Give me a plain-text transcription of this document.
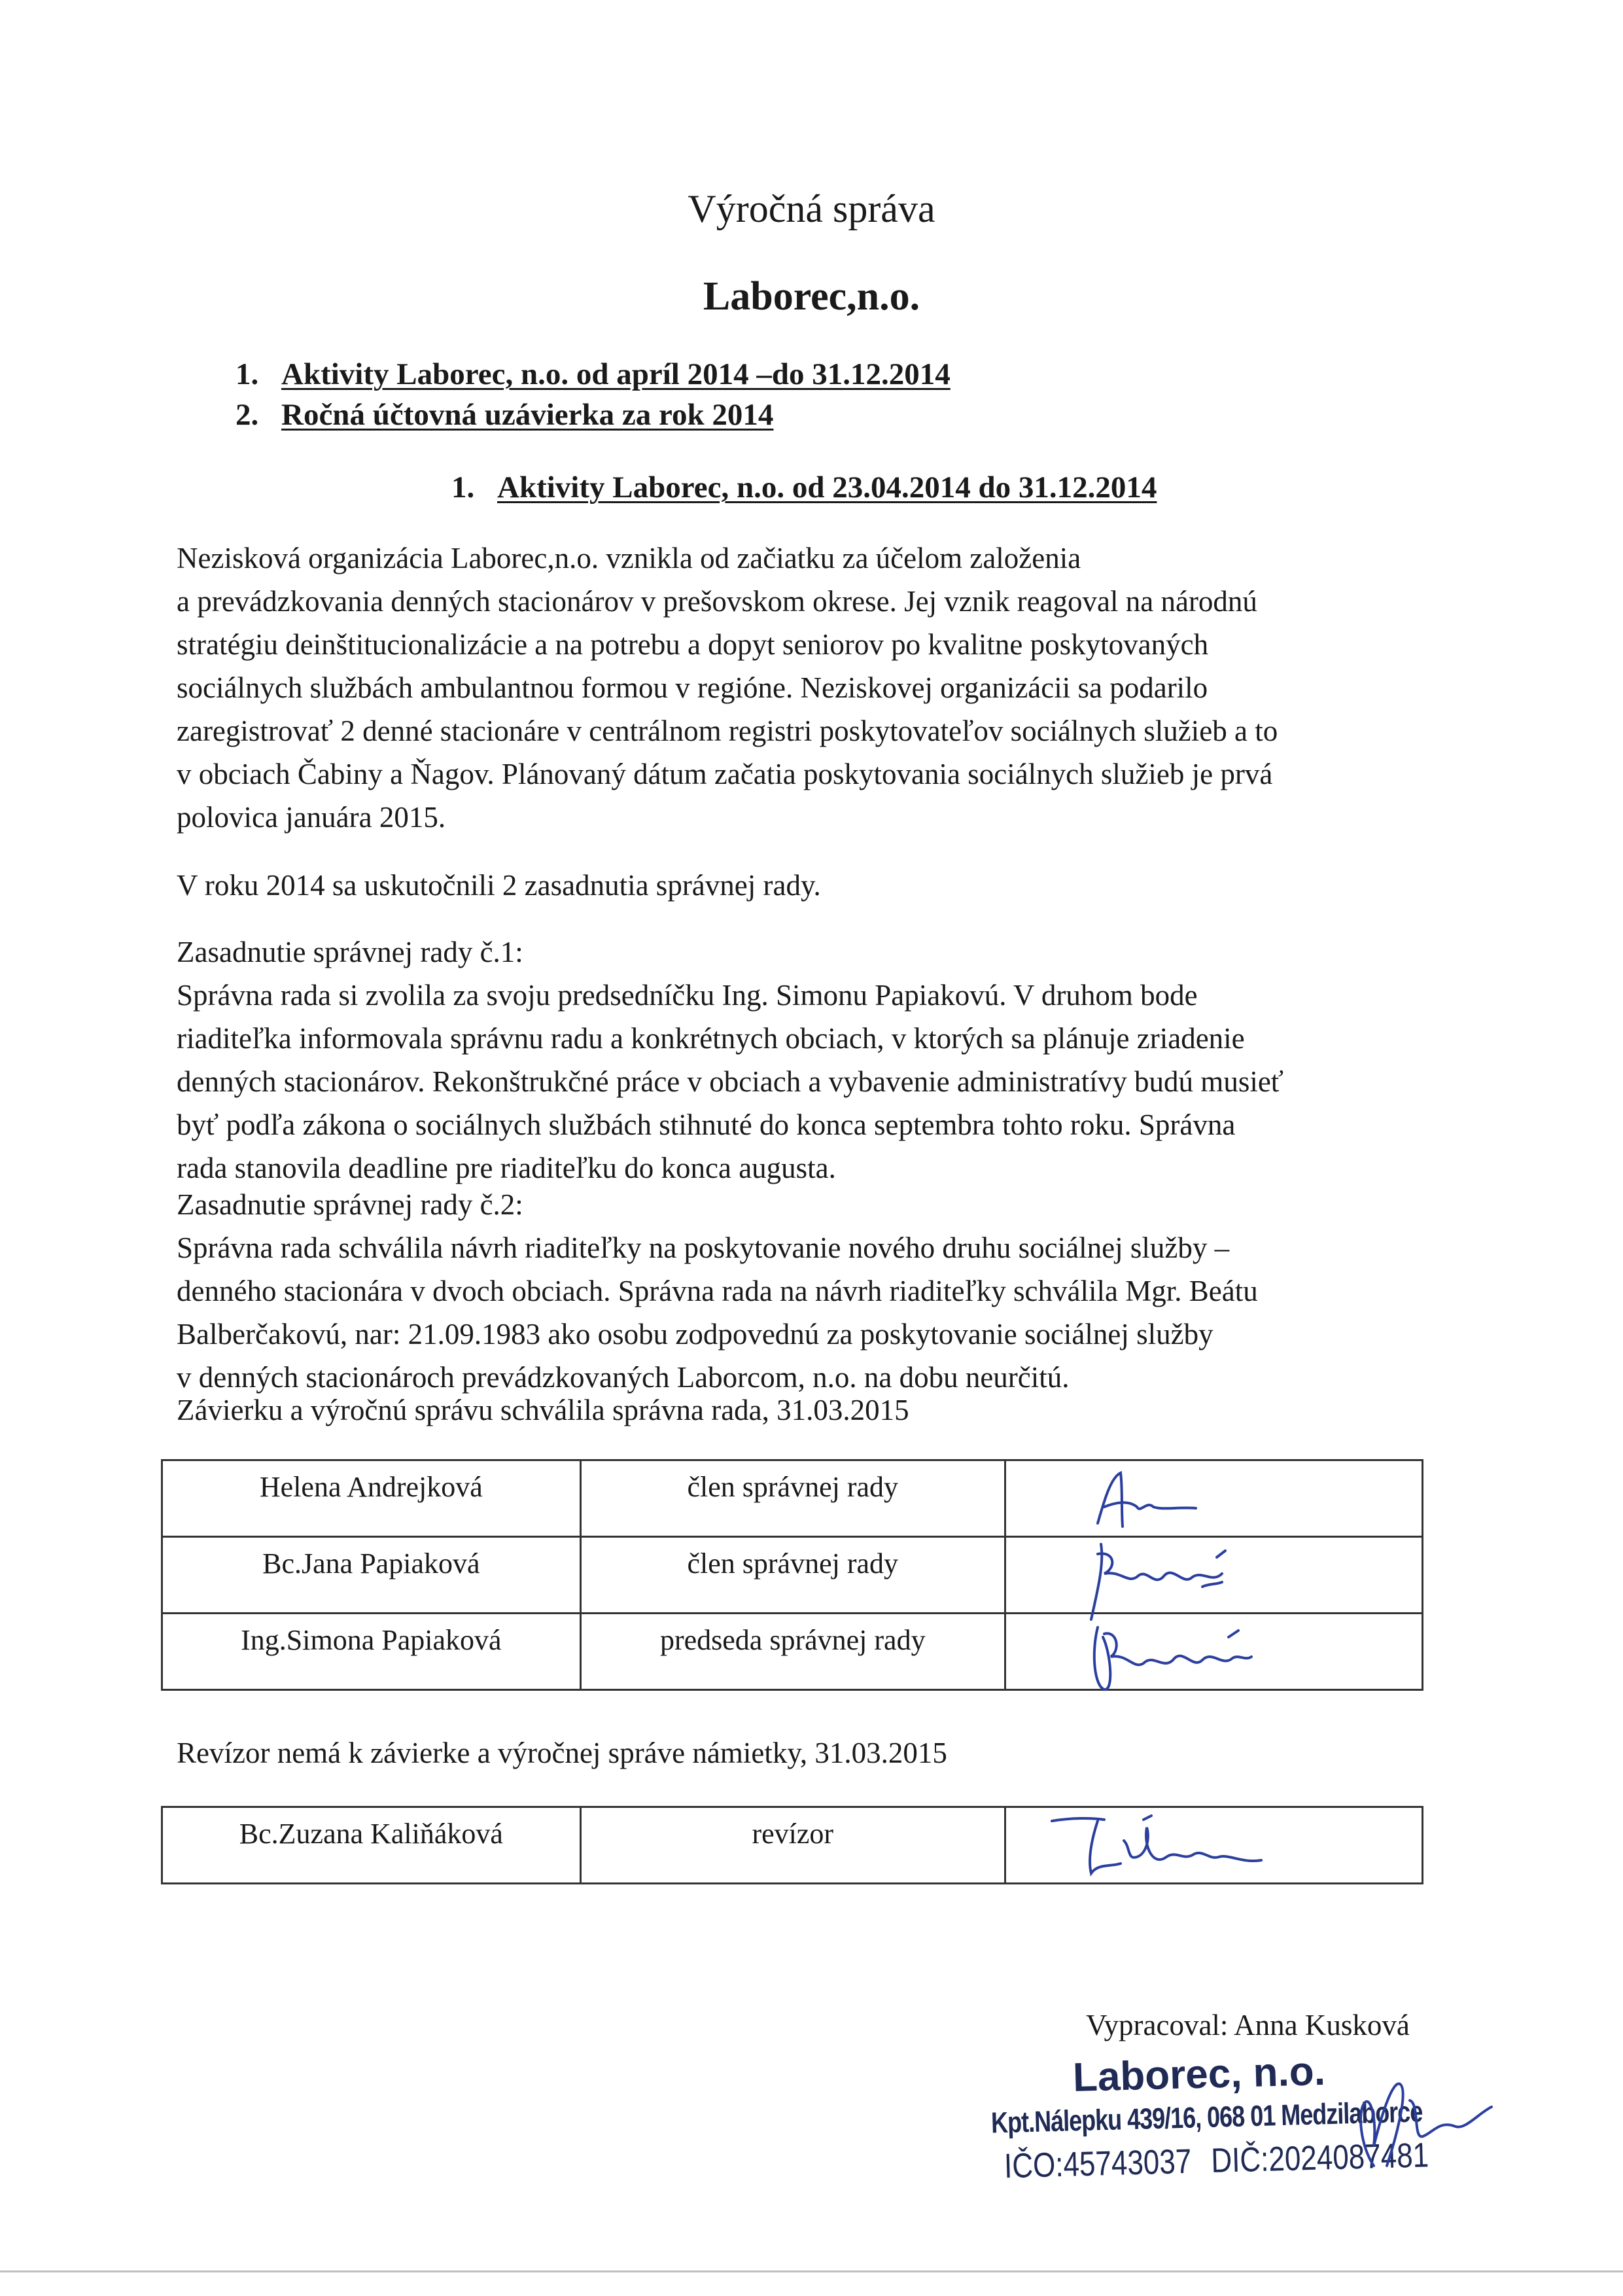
Výročná správa
Laborec,n.o.
1. Aktivity Laborec, n.o. od apríl 2014 –do 31.12.2014
2. Ročná účtovná uzávierka za rok 2014
1. Aktivity Laborec, n.o. od 23.04.2014 do 31.12.2014
Nezisková organizácia Laborec,n.o. vznikla od začiatku za účelom založenia
a prevádzkovania denných stacionárov v prešovskom okrese. Jej vznik reagoval na národnú
stratégiu deinštitucionalizácie a na potrebu a dopyt seniorov po kvalitne poskytovaných
sociálnych službách ambulantnou formou v regióne. Neziskovej organizácii sa podarilo
zaregistrovať 2 denné stacionáre v centrálnom registri poskytovateľov sociálnych služieb a to
v obciach Čabiny a Ňagov. Plánovaný dátum začatia poskytovania sociálnych služieb je prvá
polovica januára 2015.
V roku 2014 sa uskutočnili 2 zasadnutia správnej rady.
Zasadnutie správnej rady č.1:
Správna rada si zvolila za svoju predsedníčku Ing. Simonu Papiakovú. V druhom bode
riaditeľka informovala správnu radu a konkrétnych obciach, v ktorých sa plánuje zriadenie
denných stacionárov. Rekonštrukčné práce v obciach a vybavenie administratívy budú musieť
byť podľa zákona o sociálnych službách stihnuté do konca septembra tohto roku. Správna
rada stanovila deadline pre riaditeľku do konca augusta.
Zasadnutie správnej rady č.2:
Správna rada schválila návrh riaditeľky na poskytovanie nového druhu sociálnej služby –
denného stacionára v dvoch obciach. Správna rada na návrh riaditeľky schválila Mgr. Beátu
Balberčakovú, nar: 21.09.1983 ako osobu zodpovednú za poskytovanie sociálnej služby
v denných stacionároch prevádzkovaných Laborcom, n.o. na dobu neurčitú.
Závierku a výročnú správu schválila správna rada, 31.03.2015
Helena Andrejková	člen správnej rady	

Bc.Jana Papiaková	člen správnej rady	

Ing.Simona Papiaková	predseda správnej rady	
Revízor nemá k závierke a výročnej správe námietky, 31.03.2015
Bc.Zuzana Kaliňáková	revízor	
Vypracoval: Anna Kusková
Laborec, n.o.
Kpt.Nálepku 439/16, 068 01 Medzilaborce
IČO:45743037 DIČ:2024087481
